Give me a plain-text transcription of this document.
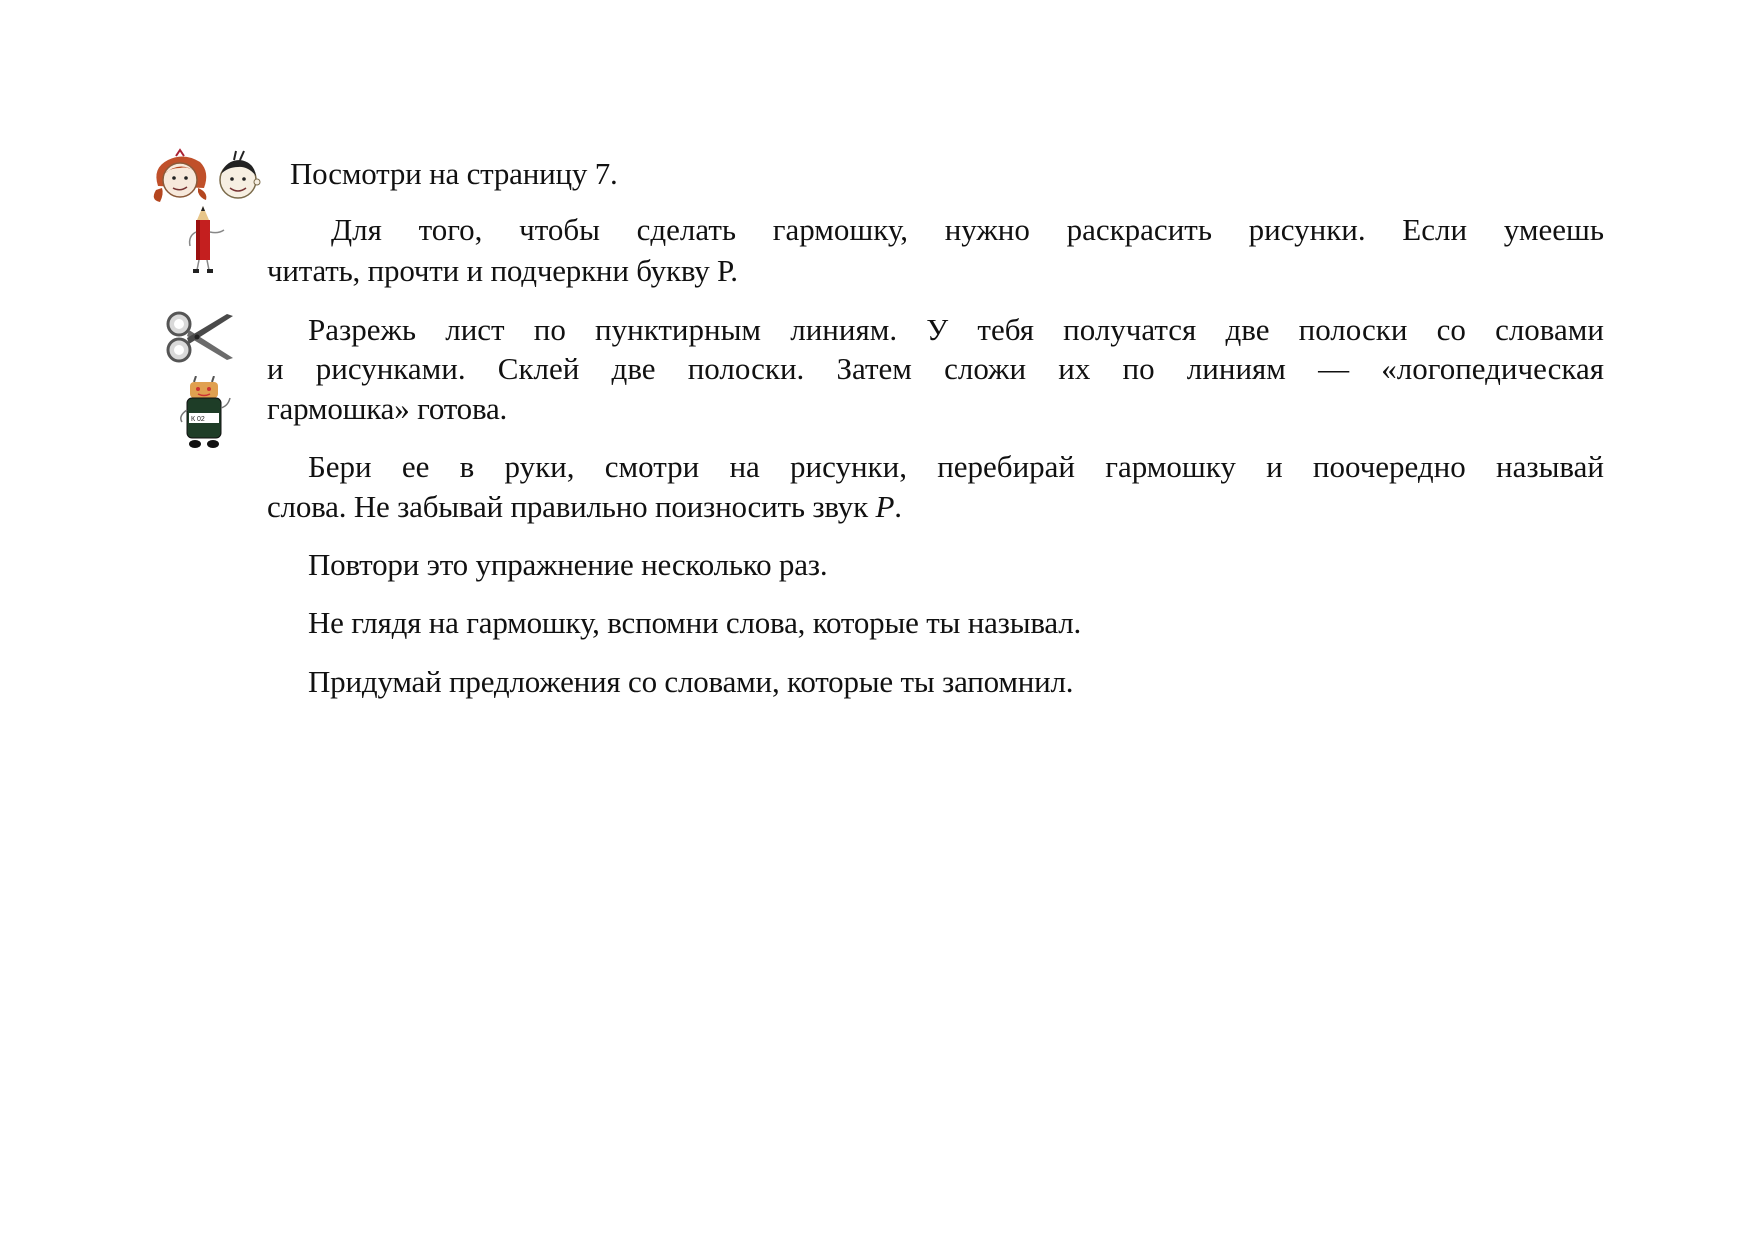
К 02
Посмотри на страницу 7.
Для того, чтобы сделать гармошку, нужно раскрасить рисунки. Если умеешь
читать, прочти и подчеркни букву Р.
Разрежь лист по пунктирным линиям. У тебя получатся две полоски со словами
и рисунками. Склей две полоски. Затем сложи их по линиям — «логопедическая
гармошка» готова.
Бери ее в руки, смотри на рисунки, перебирай гармошку и поочередно называй
слова. Не забывай правильно поизносить звук Р.
Повтори это упражнение несколько раз.
Не глядя на гармошку, вспомни слова, которые ты называл.
Придумай предложения со словами, которые ты запомнил.
